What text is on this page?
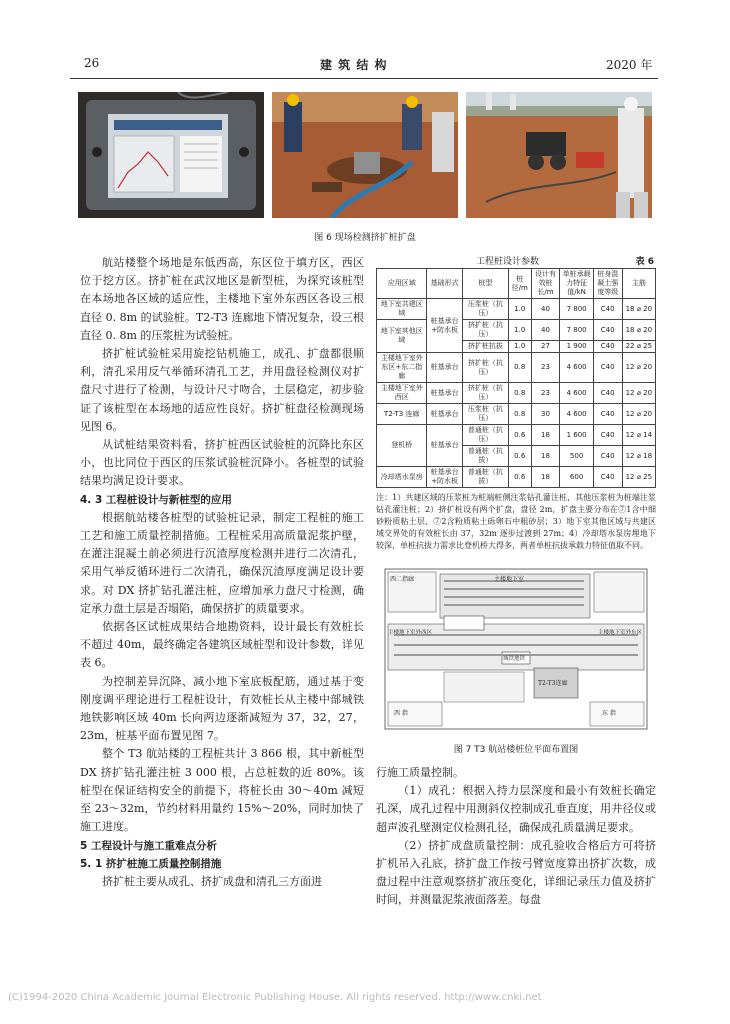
26	建 筑 结 构	2020 年
图 6 现场检测挤扩桩扩盘

航站楼整个场地是东低西高，东区位于填方区，西区位于挖方区。挤扩桩在武汉地区是新型桩，为探究该桩型在本场地各区域的适应性，主楼地下室外东西区各设三根直径 0. 8m 的试验桩。T2-T3 连廊地下情况复杂，设三根直径 0. 8m 的压浆桩为试验桩。

挤扩桩试验桩采用旋挖钻机施工，成孔、扩盘都很顺利，清孔采用反气举循环清孔工艺，并用盘径检测仪对扩盘尺寸进行了检测，与设计尺寸吻合，土层稳定，初步验证了该桩型在本场地的适应性良好。挤扩桩盘径检测现场见图 6。

从试桩结果资料看，挤扩桩西区试验桩的沉降比东区小，也比同位于西区的压浆试验桩沉降小。各桩型的试验结果均满足设计要求。

4. 3 工程桩设计与新桩型的应用

根据航站楼各桩型的试验桩记录，制定工程桩的施工工艺和施工质量控制措施。工程桩采用高质量泥浆护壁，在灌注混凝土前必须进行沉渣厚度检测并进行二次清孔，采用气举反循环进行二次清孔，确保沉渣厚度满足设计要求。对 DX 挤扩钻孔灌注桩，应增加承力盘尺寸检测，确定承力盘土层是否塌陷，确保挤扩的质量要求。

依据各区试桩成果结合地勘资料，设计最长有效桩长不超过 40m，最终确定各建筑区域桩型和设计参数，详见表 6。

为控制差异沉降、减小地下室底板配筋，通过基于变刚度调平理论进行工程桩设计，有效桩长从主楼中部城铁地铁影响区域 40m 长向两边逐渐减短为 37，32，27，23m，桩基平面布置见图 7。

整个 T3 航站楼的工程桩共计 3 866 根，其中新桩型 DX 挤扩钻孔灌注桩 3 000 根，占总桩数的近 80%。该桩型在保证结构安全的前提下，将桩长由 30～40m 减短至 23～32m，节约材料用量约 15%～20%，同时加快了施工进度。

5 工程设计与施工重难点分析

5. 1 挤扩桩施工质量控制措施

挤扩桩主要从成孔、挤扩成盘和清孔三方面进

工程桩设计参数	表 6
应用区域	基础形式	桩型	桩径/m	设计有效桩长/m	单桩承载力特征值/kN	桩身混凝土强度等级	主筋
地下室共建区域	桩基承台+防水板	压浆桩（抗压）	1.0	40	7 800	C40	18 ⌀ 20
地下室其他区域		挤扩桩（抗压）	1.0	40	7 800	C40	18 ⌀ 20
		挤扩桩抗拔	1.0	27	1 900	C40	22 ⌀ 25
主楼地下室外东区+东二指廊	桩基承台	挤扩桩（抗压）	0.8	23	4 600	C40	12 ⌀ 20
主楼地下室外西区	桩基承台	挤扩桩（抗压）	0.8	23	4 600	C40	12 ⌀ 20
T2-T3 连廊	桩基承台	压浆桩（抗压）	0.8	30	4 600	C40	12 ⌀ 20
登机桥	桩基承台	普通桩（抗压）	0.6	18	1 600	C40	12 ⌀ 14
		普通桩（抗拔）	0.6	18	500	C40	12 ⌀ 18
冷却塔水泵房	桩基承台+防水板	普通桩（抗拔）	0.6	18	600	C40	12 ⌀ 25
注：1）共建区域的压浆桩为桩端桩侧注浆钻孔灌注桩，其他压浆桩为桩端注浆钻孔灌注桩；2）挤扩桩设有两个扩盘，盘径 2m，扩盘主要分布在⑦1含中细砂粉质粘土层、⑦2含粉质粘土砾卵石中粗砂层；3）地下室其他区域与共建区域交界处的有效桩长由 37，32m 逐步过渡到 27m；4）冷却塔水泵房埋地下较深，单桩抗拔力需求比登机桥大得多，两者单桩抗拔承载力特征值取不同。
西二指廊	主楼地下室
主楼地下室外西区	主楼地下室外东区
城铁地铁
T2-T3连廊
西 指	东 指
图 7 T3 航站楼桩位平面布置图

行施工质量控制。

（1）成孔：根据入持力层深度和最小有效桩长确定孔深，成孔过程中用测斜仪控制成孔垂直度，用井径仪或超声波孔壁测定仪检测孔径，确保成孔质量满足要求。

（2）挤扩成盘质量控制：成孔验收合格后方可将挤扩机吊入孔底，挤扩盘工作按弓臂宽度算出挤扩次数，成盘过程中注意观察挤扩液压变化，详细记录压力值及挤扩时间，并测量泥浆液面落差。每盘

(C)1994-2020 China Academic Journal Electronic Publishing House. All rights reserved. http://www.cnki.net
